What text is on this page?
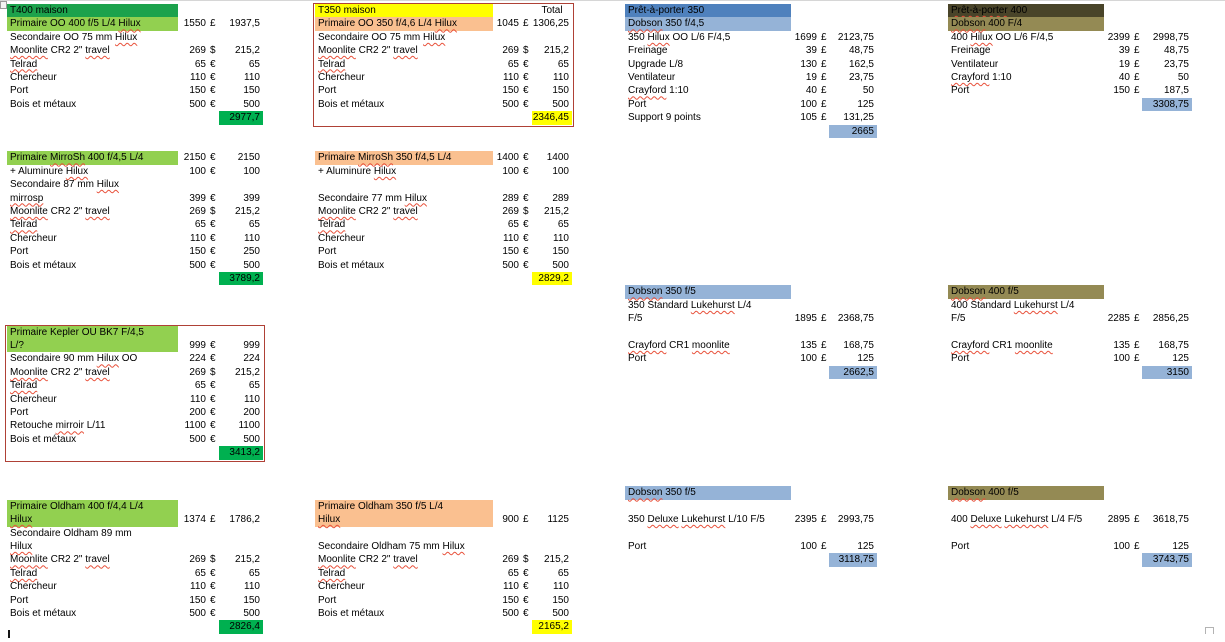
T400 maison
Primaire OO 400 f/5 L/4 Hilux	1550 £	1937,5
Secondaire OO 75 mm Hilux
Moonlite CR2 2" travel	269 $	215,2
Telrad	65 €	65
Chercheur	110 €	110
Port	150 €	150
Bois et métaux	500 €	500
2977,7
Primaire MirroSh 400 f/4,5 L/4	2150 €	2150
+ Aluminure Hilux	100 €	100
Secondaire 87 mm Hilux
mirrosp	399 €	399
Moonlite CR2 2" travel	269 $	215,2
Telrad	65 €	65
Chercheur	110 €	110
Port	150 €	250
Bois et métaux	500 €	500
3789,2
Primaire Kepler OU BK7 F/4,5
L/?	999 €	999
Secondaire 90 mm Hilux OO	224 €	224
Moonlite CR2 2" travel	269 $	215,2
Telrad	65 €	65
Chercheur	110 €	110
Port	200 €	200
Retouche mirroir L/11	1100 €	1100
Bois et métaux	500 €	500
3413,2
Primaire Oldham 400 f/4,4 L/4
Hilux	1374 £	1786,2
Secondaire Oldham 89 mm
Hilux
Moonlite CR2 2" travel	269 $	215,2
Telrad	65 €	65
Chercheur	110 €	110
Port	150 €	150
Bois et métaux	500 €	500
2826,4
T350 maison	Total
Primaire OO 350 f/4,6 L/4 Hilux	1045 £ 1306,25
Secondaire OO 75 mm Hilux
Moonlite CR2 2" travel	269 $	215,2
Telrad	65 €	65
Chercheur	110 €	110
Port	150 €	150
Bois et métaux	500 €	500
2346,45
Primaire MirroSh 350 f/4,5 L/4	1400 €	1400
+ Aluminure Hilux	100 €	100
Secondaire 77 mm Hilux	289 €	289
Moonlite CR2 2" travel	269 $	215,2
Telrad	65 €	65
Chercheur	110 €	110
Port	150 €	150
Bois et métaux	500 €	500
2829,2
Primaire Oldham 350 f/5 L/4
Hilux	900 £	1125
Secondaire Oldham 75 mm Hilux
Moonlite CR2 2" travel	269 $	215,2
Telrad	65 €	65
Chercheur	110 €	110
Port	150 €	150
Bois et métaux	500 €	500
2165,2
Prêt-à-porter 350
Dobson 350 f/4,5
350 Hilux OO L/6 F/4,5	1699 £	2123,75
Freinage	39 £	48,75
Upgrade L/8	130 £	162,5
Ventilateur	19 £	23,75
Crayford 1:10	40 £	50
Port	100 £	125
Support 9 points	105 £	131,25
2665
Dobson 350 f/5
350 Standard Lukehurst L/4
F/5	1895 £	2368,75
Crayford CR1 moonlite	135 £	168,75
Port	100 £	125
2662,5
Dobson 350 f/5
350 Deluxe Lukehurst L/10 F/5	2395 £	2993,75
Port	100 £	125
3118,75
Prêt-à-porter 400
Dobson 400 F/4
400 Hilux OO L/6 F/4,5	2399 £	2998,75
Freinage	39 £	48,75
Ventilateur	19 £	23,75
Crayford 1:10	40 £	50
Port	150 £	187,5
3308,75
Dobson 400 f/5
400 Standard Lukehurst L/4
F/5	2285 £	2856,25
Crayford CR1 moonlite	135 £	168,75
Port	100 £	125
3150
Dobson 400 f/5
400 Deluxe Lukehurst L/4 F/5	2895 £	3618,75
Port	100 £	125
3743,75
